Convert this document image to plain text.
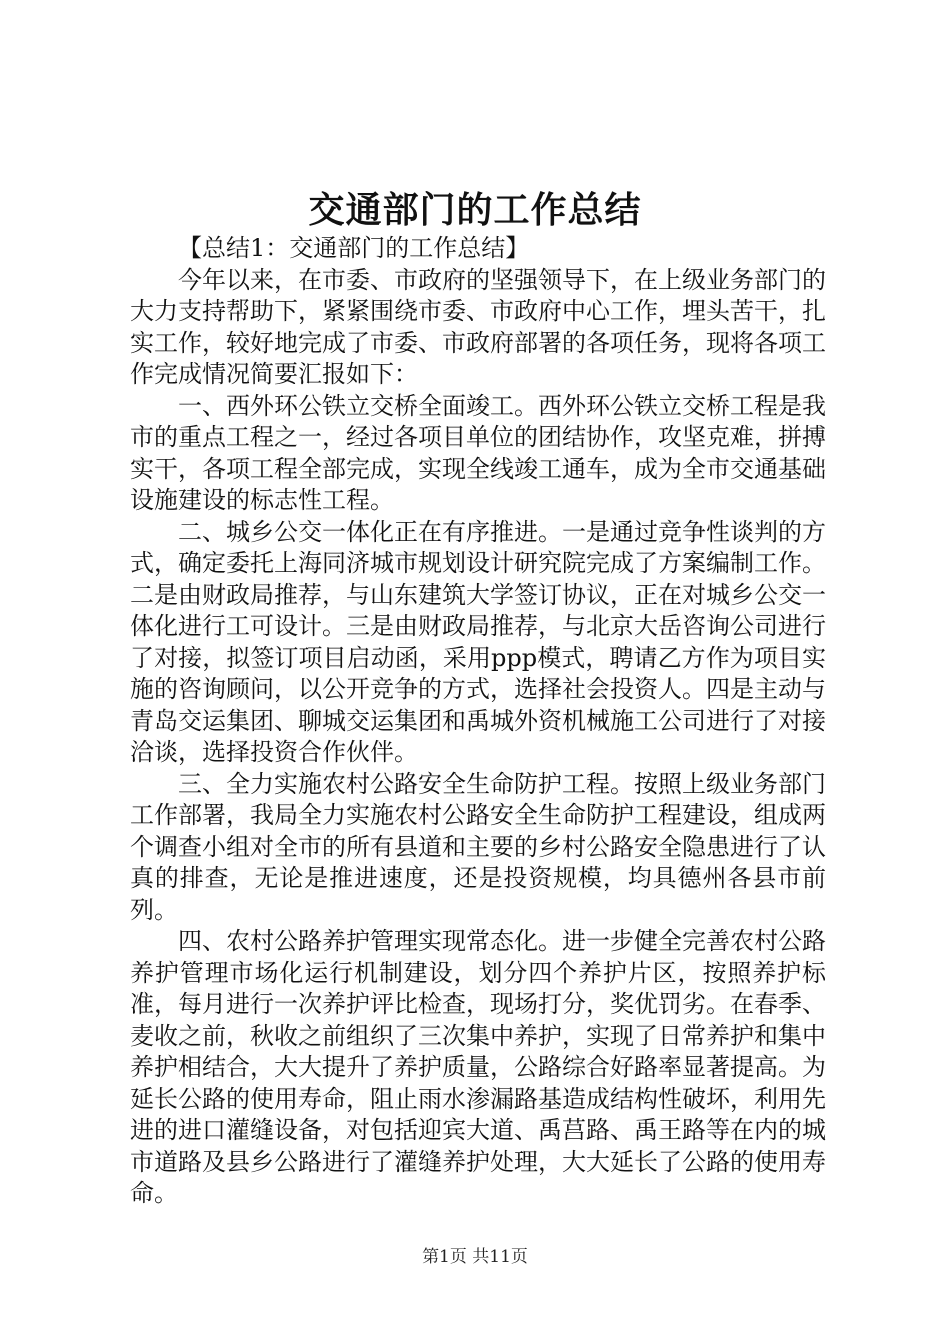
交通部门的工作总结

【总结1：交通部门的工作总结】

今年以来，在市委、市政府的坚强领导下，在上级业务部门的大力支持帮助下，紧紧围绕市委、市政府中心工作，埋头苦干，扎实工作，较好地完成了市委、市政府部署的各项任务，现将各项工作完成情况简要汇报如下：

一、西外环公铁立交桥全面竣工。西外环公铁立交桥工程是我市的重点工程之一，经过各项目单位的团结协作，攻坚克难，拼搏实干，各项工程全部完成，实现全线竣工通车，成为全市交通基础设施建设的标志性工程。

二、城乡公交一体化正在有序推进。一是通过竞争性谈判的方式，确定委托上海同济城市规划设计研究院完成了方案编制工作。二是由财政局推荐，与山东建筑大学签订协议，正在对城乡公交一体化进行工可设计。三是由财政局推荐，与北京大岳咨询公司进行了对接，拟签订项目启动函，采用ppp模式，聘请乙方作为项目实施的咨询顾问，以公开竞争的方式，选择社会投资人。四是主动与青岛交运集团、聊城交运集团和禹城外资机械施工公司进行了对接洽谈，选择投资合作伙伴。

三、全力实施农村公路安全生命防护工程。按照上级业务部门工作部署，我局全力实施农村公路安全生命防护工程建设，组成两个调查小组对全市的所有县道和主要的乡村公路安全隐患进行了认真的排查，无论是推进速度，还是投资规模，均具德州各县市前列。

四、农村公路养护管理实现常态化。进一步健全完善农村公路养护管理市场化运行机制建设，划分四个养护片区，按照养护标准，每月进行一次养护评比检查，现场打分，奖优罚劣。在春季、麦收之前，秋收之前组织了三次集中养护，实现了日常养护和集中养护相结合，大大提升了养护质量，公路综合好路率显著提高。为延长公路的使用寿命，阻止雨水渗漏路基造成结构性破坏，利用先进的进口灌缝设备，对包括迎宾大道、禹莒路、禹王路等在内的城市道路及县乡公路进行了灌缝养护处理，大大延长了公路的使用寿命。

第1页 共11页
